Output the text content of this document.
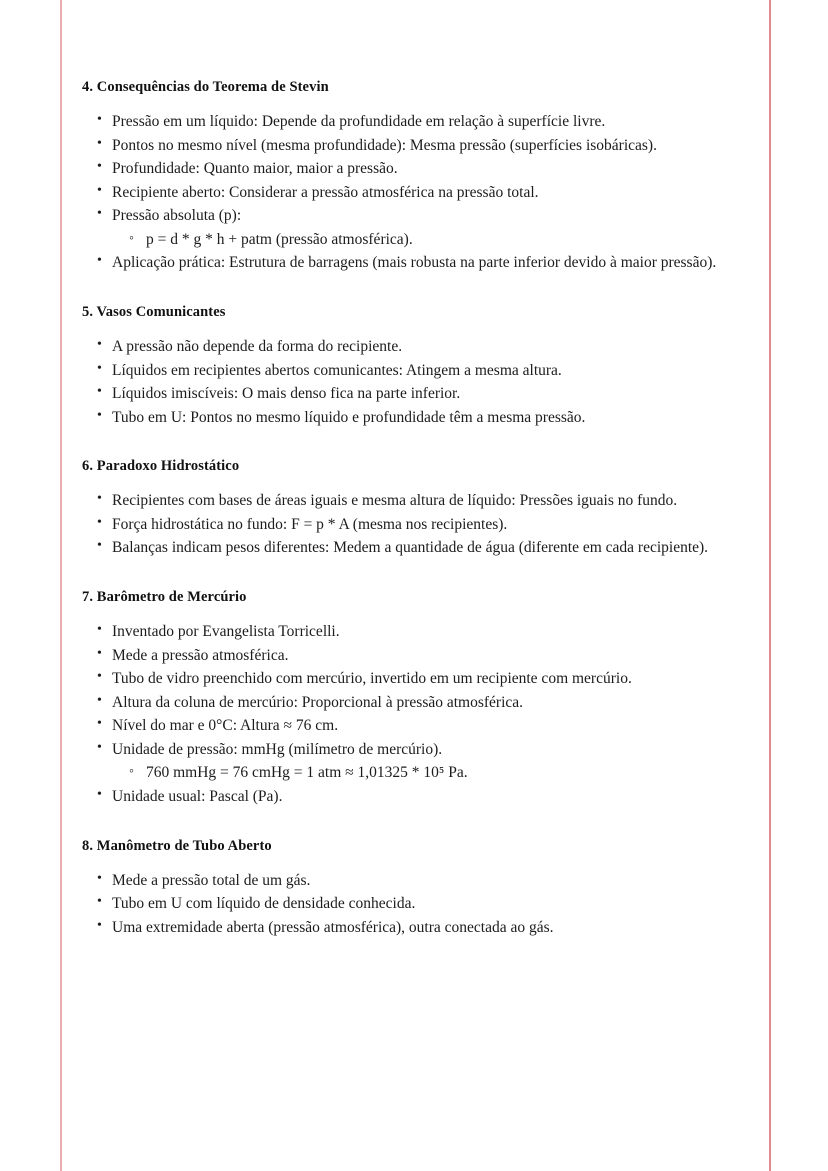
4. Consequências do Teorema de Stevin
• Pressão em um líquido: Depende da profundidade em relação à superfície livre.
• Pontos no mesmo nível (mesma profundidade): Mesma pressão (superfícies isobáricas).
• Profundidade: Quanto maior, maior a pressão.
• Recipiente aberto: Considerar a pressão atmosférica na pressão total.
• Pressão absoluta (p):
◦ p = d * g * h + patm (pressão atmosférica).
• Aplicação prática: Estrutura de barragens (mais robusta na parte inferior devido à maior pressão).
5. Vasos Comunicantes
• A pressão não depende da forma do recipiente.
• Líquidos em recipientes abertos comunicantes: Atingem a mesma altura.
• Líquidos imiscíveis: O mais denso fica na parte inferior.
• Tubo em U: Pontos no mesmo líquido e profundidade têm a mesma pressão.
6. Paradoxo Hidrostático
• Recipientes com bases de áreas iguais e mesma altura de líquido: Pressões iguais no fundo.
• Força hidrostática no fundo: F = p * A (mesma nos recipientes).
• Balanças indicam pesos diferentes: Medem a quantidade de água (diferente em cada recipiente).
7. Barômetro de Mercúrio
• Inventado por Evangelista Torricelli.
• Mede a pressão atmosférica.
• Tubo de vidro preenchido com mercúrio, invertido em um recipiente com mercúrio.
• Altura da coluna de mercúrio: Proporcional à pressão atmosférica.
• Nível do mar e 0°C: Altura ≈ 76 cm.
• Unidade de pressão: mmHg (milímetro de mercúrio).
◦ 760 mmHg = 76 cmHg = 1 atm ≈ 1,01325 * 10⁵ Pa.
• Unidade usual: Pascal (Pa).
8. Manômetro de Tubo Aberto
• Mede a pressão total de um gás.
• Tubo em U com líquido de densidade conhecida.
• Uma extremidade aberta (pressão atmosférica), outra conectada ao gás.
